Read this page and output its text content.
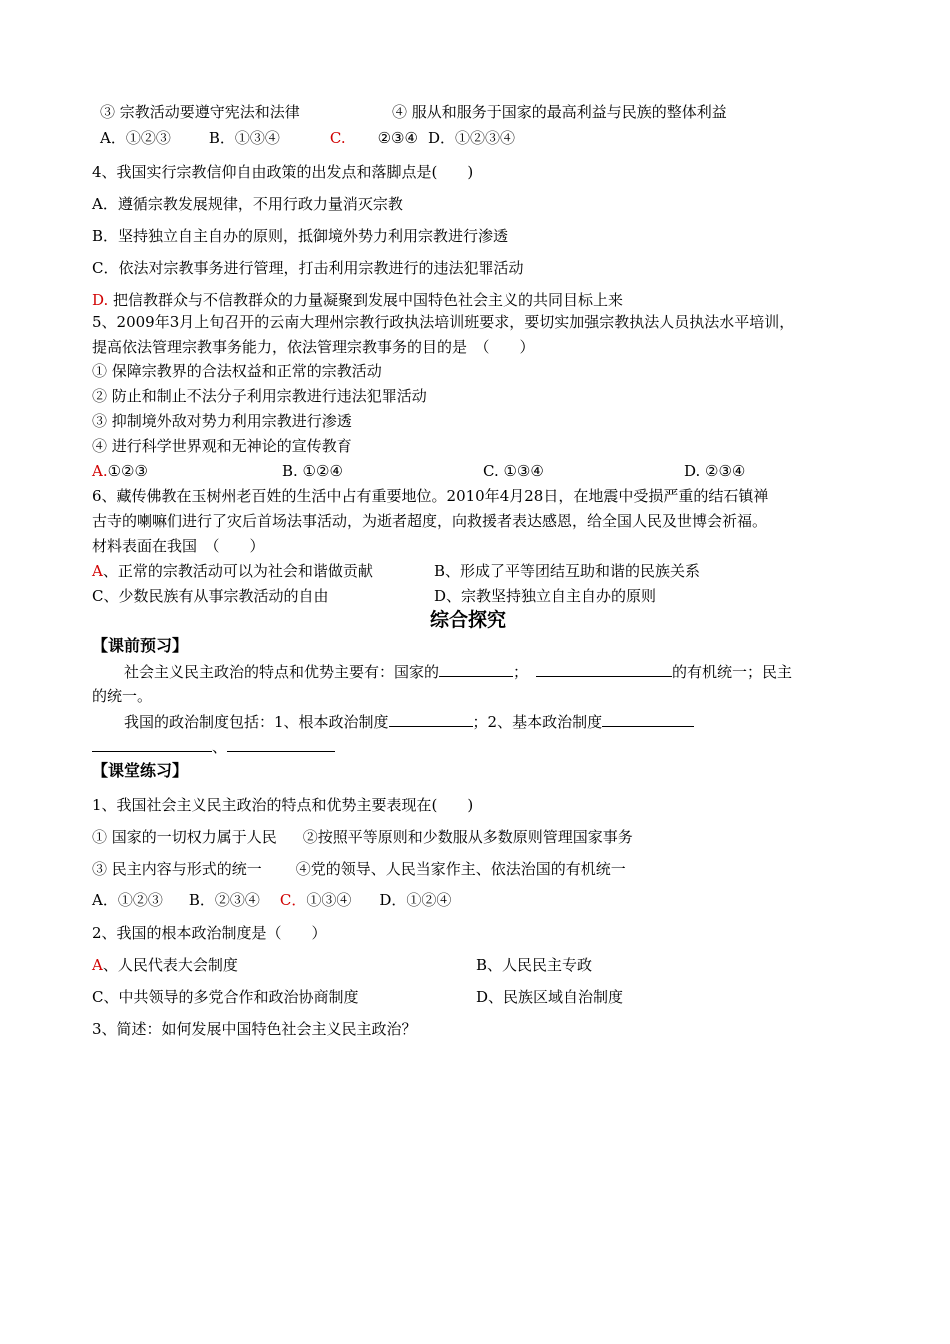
③ 宗教活动要遵守宪法和法律	④ 服从和服务于国家的最高利益与民族的整体利益
A．①②③	B．①③④	C. ②③④ D．①②③④
4、我国实行宗教信仰自由政策的出发点和落脚点是(　　)
A．遵循宗教发展规律，不用行政力量消灭宗教
B．坚持独立自主自办的原则，抵御境外势力利用宗教进行渗透
C．依法对宗教事务进行管理，打击利用宗教进行的违法犯罪活动
D. 把信教群众与不信教群众的力量凝聚到发展中国特色社会主义的共同目标上来
5、2009年3月上旬召开的云南大理州宗教行政执法培训班要求，要切实加强宗教执法人员执法水平培训，
提高依法管理宗教事务能力，依法管理宗教事务的目的是　（　　）
① 保障宗教界的合法权益和正常的宗教活动
② 防止和制止不法分子利用宗教进行违法犯罪活动
③ 抑制境外敌对势力利用宗教进行渗透
④ 进行科学世界观和无神论的宣传教育
A.①②③	B. ①②④	C. ①③④	D. ②③④
6、藏传佛教在玉树州老百姓的生活中占有重要地位。2010年4月28日，在地震中受损严重的结石镇禅
古寺的喇嘛们进行了灾后首场法事活动，为逝者超度，向救援者表达感恩，给全国人民及世博会祈福。
材料表面在我国　（　　）
A、正常的宗教活动可以为社会和谐做贡献	B、形成了平等团结互助和谐的民族关系
C、少数民族有从事宗教活动的自由	D、宗教坚持独立自主自办的原则
综合探究
【课前预习】
社会主义民主政治的特点和优势主要有：国家的	；	的有机统一；民主
的统一。
我国的政治制度包括：1、根本政治制度	；2、基本政治制度
、
【课堂练习】
1、我国社会主义民主政治的特点和优势主要表现在(　　)
① 国家的一切权力属于人民 ②按照平等原则和少数服从多数原则管理国家事务
③ 民主内容与形式的统一 ④党的领导、人民当家作主、依法治国的有机统一
A．①②③ B．②③④ C．①③④ D．①②④
2、我国的根本政治制度是（　　）
A、人民代表大会制度	B、人民民主专政
C、中共领导的多党合作和政治协商制度	D、民族区域自治制度
3、简述：如何发展中国特色社会主义民主政治？
